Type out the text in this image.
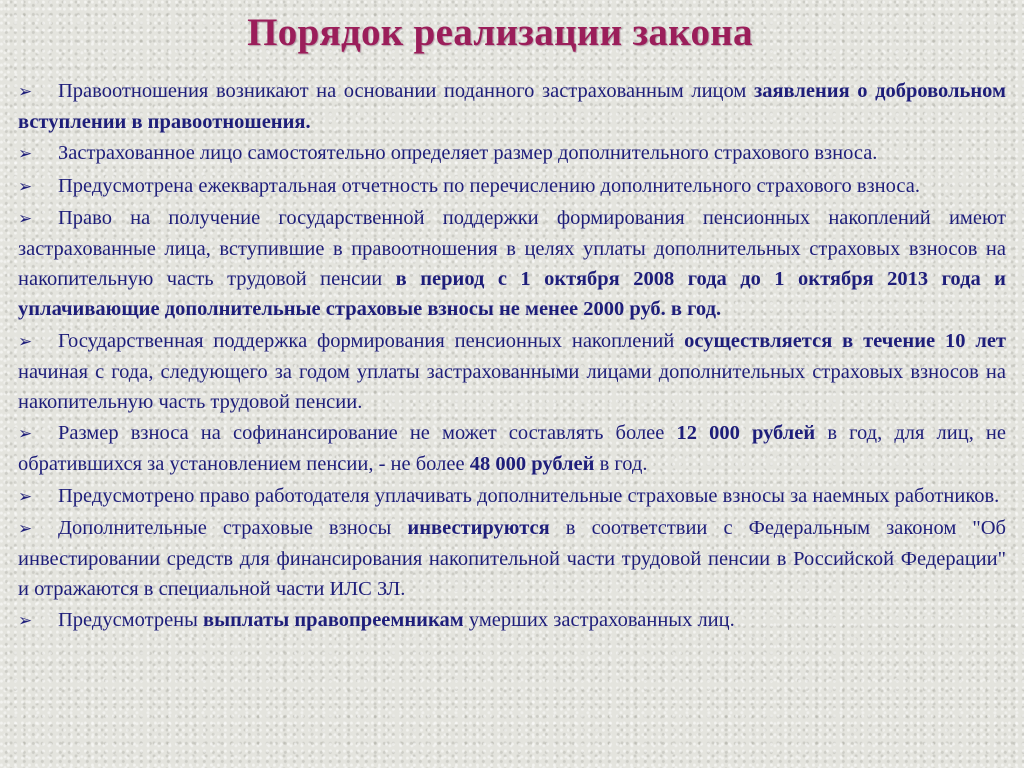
Порядок реализации закона
➢ Правоотношения возникают на основании поданного застрахованным лицом заявления о добровольном вступлении в правоотношения.
➢ Застрахованное лицо самостоятельно определяет размер дополнительного страхового взноса.
➢ Предусмотрена ежеквартальная отчетность по перечислению дополнительного страхового взноса.
➢ Право на получение государственной поддержки формирования пенсионных накоплений имеют застрахованные лица, вступившие в правоотношения в целях уплаты дополнительных страховых взносов на накопительную часть трудовой пенсии в период с 1 октября 2008 года до 1 октября 2013 года и уплачивающие дополнительные страховые взносы не менее 2000 руб. в год.
➢ Государственная поддержка формирования пенсионных накоплений осуществляется в течение 10 лет начиная с года, следующего за годом уплаты застрахованными лицами дополнительных страховых взносов на накопительную часть трудовой пенсии.
➢ Размер взноса на софинансирование не может составлять более 12 000 рублей в год, для лиц, не обратившихся за установлением пенсии, - не более 48 000 рублей в год.
➢ Предусмотрено право работодателя уплачивать дополнительные страховые взносы за наемных работников.
➢ Дополнительные страховые взносы инвестируются в соответствии с Федеральным законом "Об инвестировании средств для финансирования накопительной части трудовой пенсии в Российской Федерации" и отражаются в специальной части ИЛС ЗЛ.
➢ Предусмотрены выплаты правопреемникам умерших застрахованных лиц.
